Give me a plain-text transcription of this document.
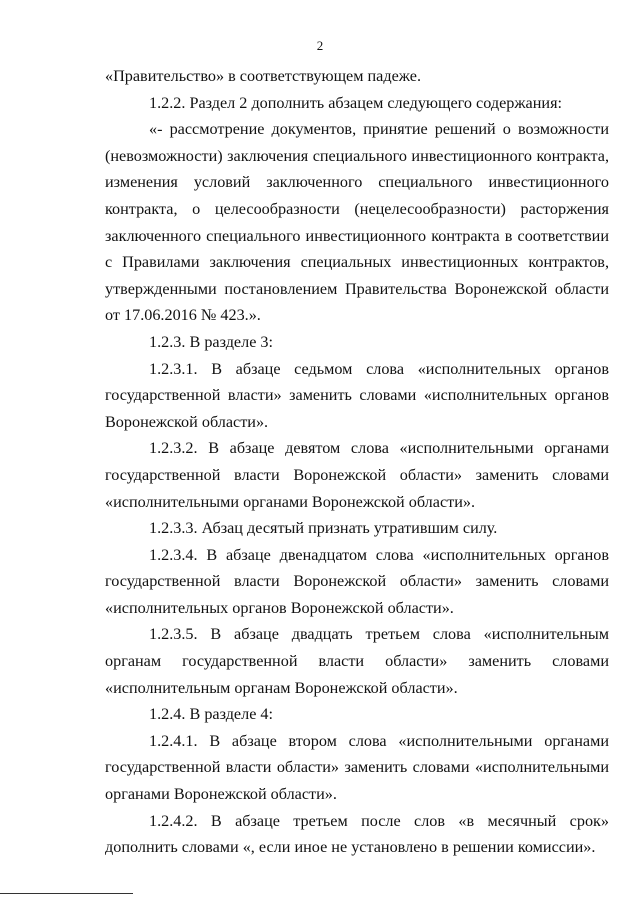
2

«Правительство» в соответствующем падеже.

1.2.2. Раздел 2 дополнить абзацем следующего содержания:

«- рассмотрение документов, принятие решений о возможности (невозможности) заключения специального инвестиционного контракта, изменения условий заключенного специального инвестиционного контракта, о целесообразности (нецелесообразности) расторжения заключенного специального инвестиционного контракта в соответствии с Правилами заключения специальных инвестиционных контрактов, утвержденными постановлением Правительства Воронежской области от 17.06.2016 № 423.».

1.2.3. В разделе 3:

1.2.3.1. В абзаце седьмом слова «исполнительных органов государственной власти» заменить словами «исполнительных органов Воронежской области».

1.2.3.2. В абзаце девятом слова «исполнительными органами государственной власти Воронежской области» заменить словами «исполнительными органами Воронежской области».

1.2.3.3. Абзац десятый признать утратившим силу.

1.2.3.4. В абзаце двенадцатом слова «исполнительных органов государственной власти Воронежской области» заменить словами «исполнительных органов Воронежской области».

1.2.3.5. В абзаце двадцать третьем слова «исполнительным органам государственной власти области» заменить словами «исполнительным органам Воронежской области».

1.2.4. В разделе 4:

1.2.4.1. В абзаце втором слова «исполнительными органами государственной власти области» заменить словами «исполнительными органами Воронежской области».

1.2.4.2. В абзаце третьем после слов «в месячный срок» дополнить словами «, если иное не установлено в решении комиссии».
